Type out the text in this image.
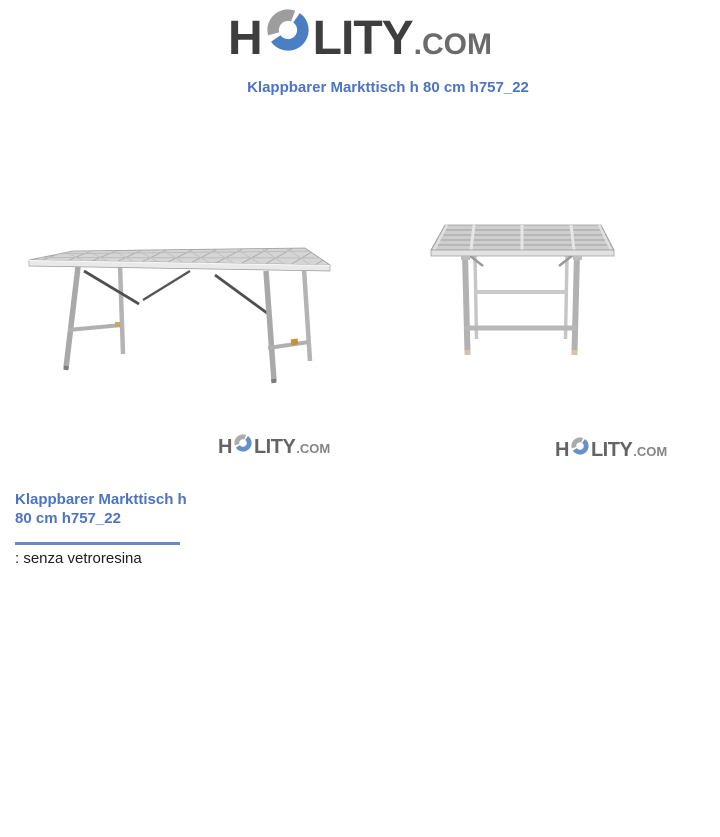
H LITY .COM
Klappbarer Markttisch h 80 cm h757_22
H LITY .COM	H LITY .COM
Klappbarer Markttisch h
80 cm h757_22
: senza vetroresina
